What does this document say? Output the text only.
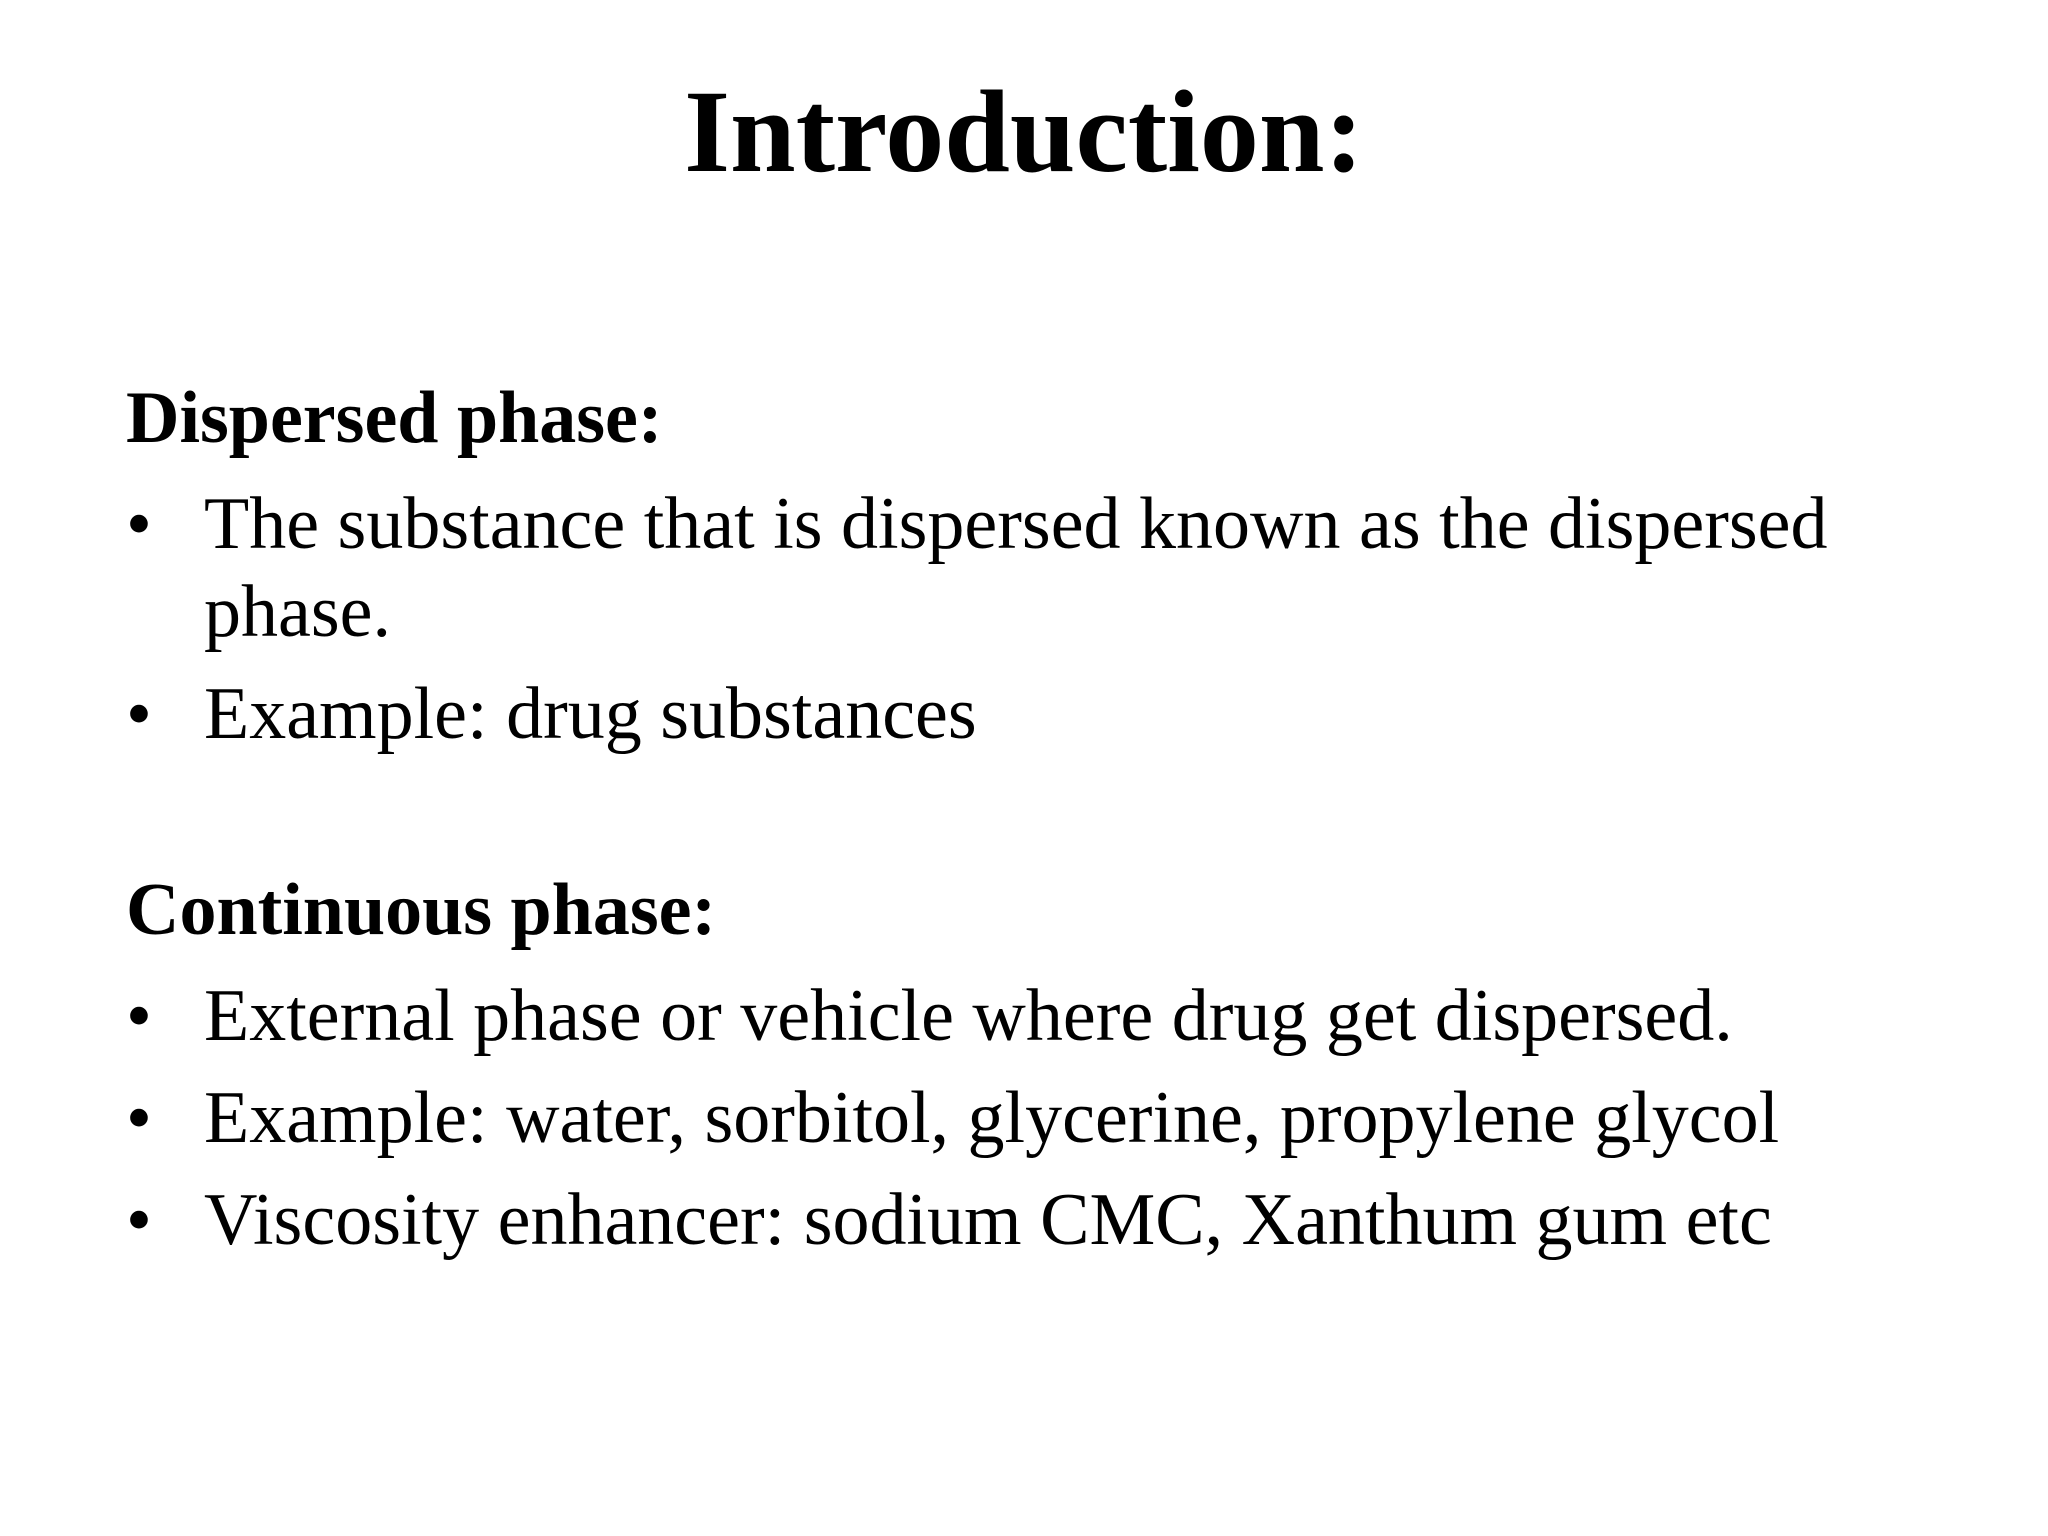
Introduction:

Dispersed phase:

• The substance that is dispersed known as the dispersed phase.
• Example: drug substances

Continuous phase:

• External phase or vehicle where drug get dispersed.
• Example: water, sorbitol, glycerine, propylene glycol
• Viscosity enhancer: sodium CMC, Xanthum gum etc
